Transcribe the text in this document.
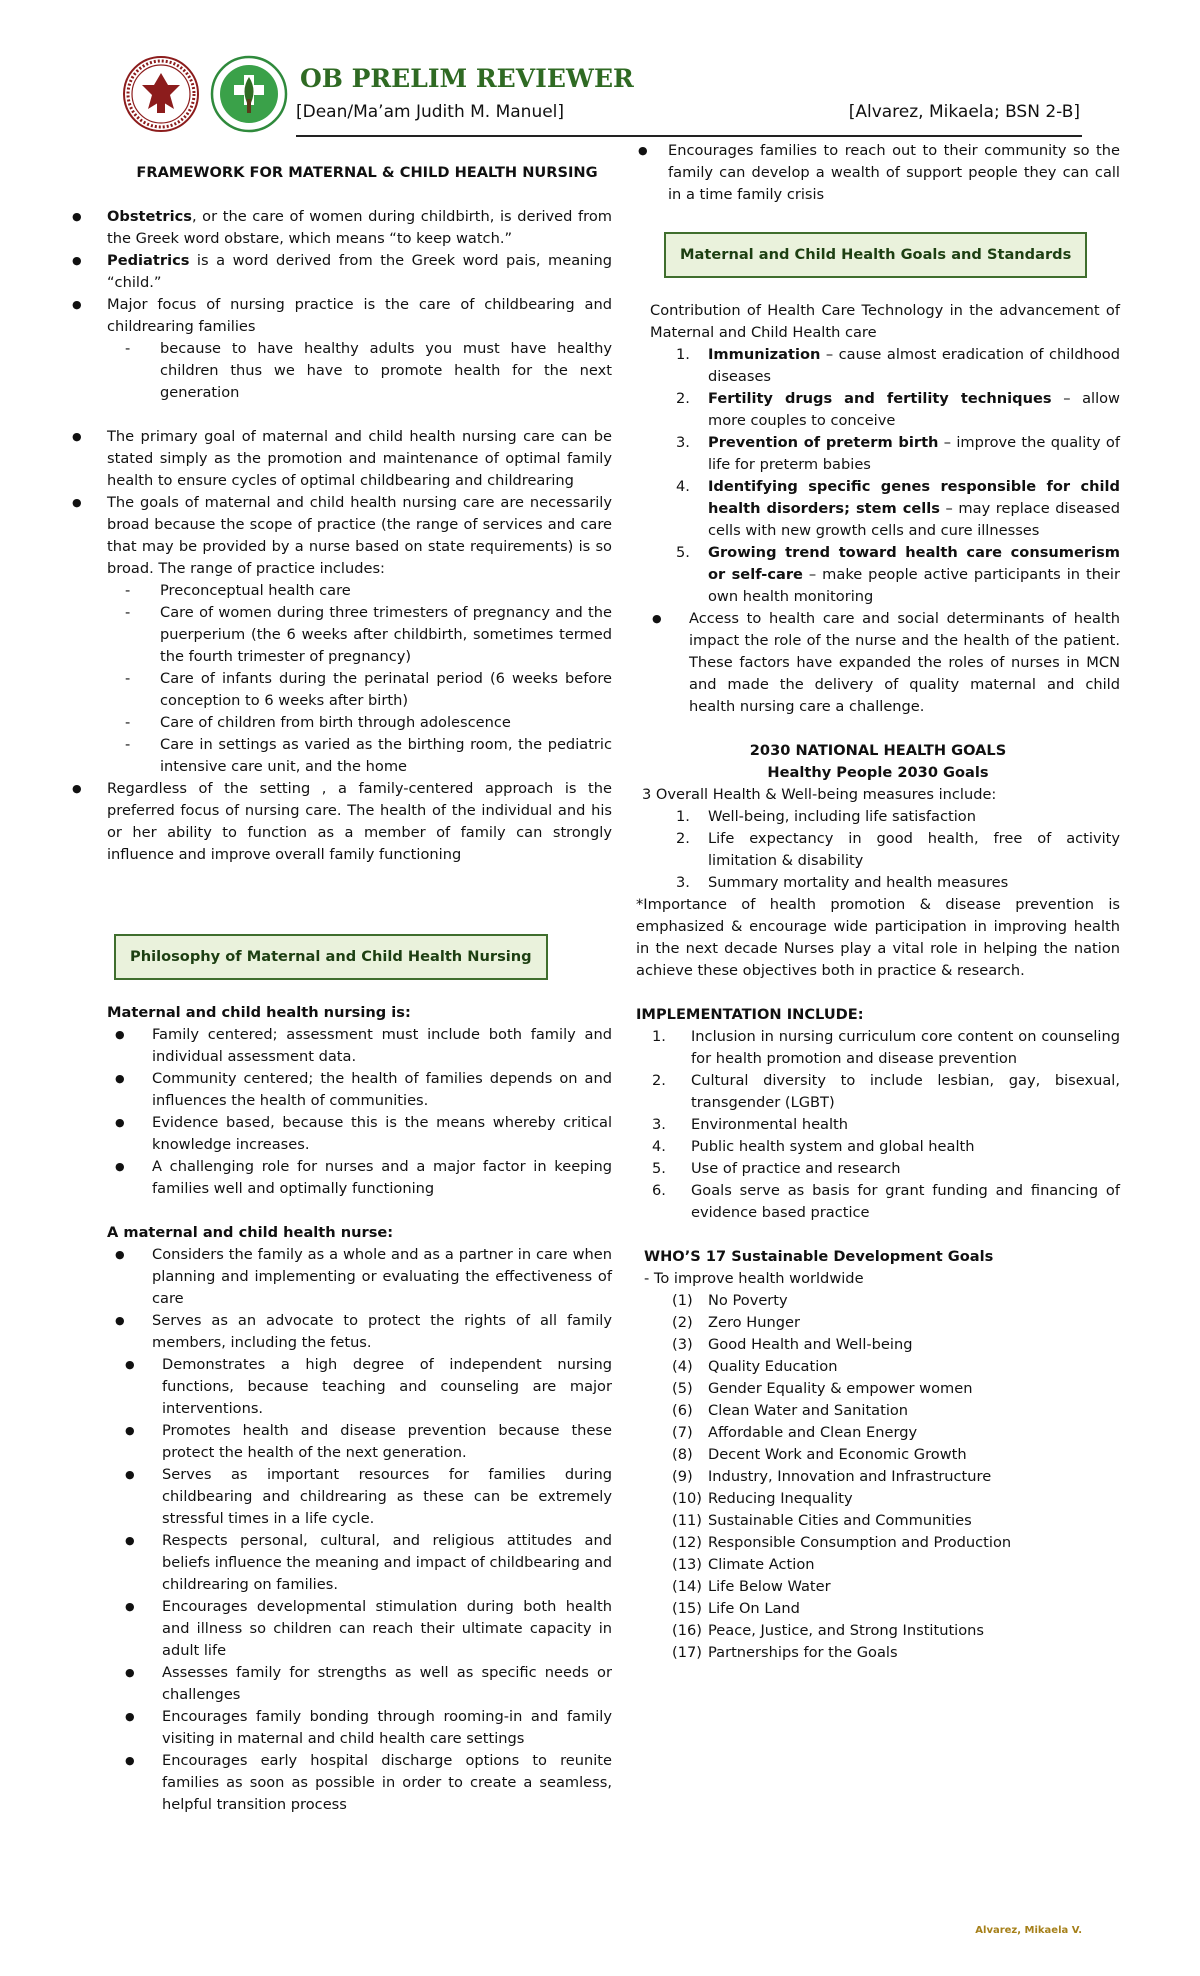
OB PRELIM REVIEWER
[Dean/Ma’am Judith M. Manuel]	[Alvarez, Mikaela; BSN 2-B]

FRAMEWORK FOR MATERNAL & CHILD HEALTH NURSING

● Obstetrics, or the care of women during childbirth, is derived from the Greek word obstare, which means “to keep watch.”
● Pediatrics is a word derived from the Greek word pais, meaning “child.”
● Major focus of nursing practice is the care of childbearing and childrearing families
- because to have healthy adults you must have healthy children thus we have to promote health for the next generation
● The primary goal of maternal and child health nursing care can be stated simply as the promotion and maintenance of optimal family health to ensure cycles of optimal childbearing and childrearing
● The goals of maternal and child health nursing care are necessarily broad because the scope of practice (the range of services and care that may be provided by a nurse based on state requirements) is so broad. The range of practice includes:
- Preconceptual health care
- Care of women during three trimesters of pregnancy and the puerperium (the 6 weeks after childbirth, sometimes termed the fourth trimester of pregnancy)
- Care of infants during the perinatal period (6 weeks before conception to 6 weeks after birth)
- Care of children from birth through adolescence
- Care in settings as varied as the birthing room, the pediatric intensive care unit, and the home
● Regardless of the setting , a family-centered approach is the preferred focus of nursing care. The health of the individual and his or her ability to function as a member of family can strongly influence and improve overall family functioning
Philosophy of Maternal and Child Health Nursing

Maternal and child health nursing is:

● Family centered; assessment must include both family and individual assessment data.
● Community centered; the health of families depends on and influences the health of communities.
● Evidence based, because this is the means whereby critical knowledge increases.
● A challenging role for nurses and a major factor in keeping families well and optimally functioning

A maternal and child health nurse:

● Considers the family as a whole and as a partner in care when planning and implementing or evaluating the effectiveness of care
● Serves as an advocate to protect the rights of all family members, including the fetus.
● Demonstrates a high degree of independent nursing functions, because teaching and counseling are major interventions.
● Promotes health and disease prevention because these protect the health of the next generation.
● Serves as important resources for families during childbearing and childrearing as these can be extremely stressful times in a life cycle.
● Respects personal, cultural, and religious attitudes and beliefs influence the meaning and impact of childbearing and childrearing on families.
● Encourages developmental stimulation during both health and illness so children can reach their ultimate capacity in adult life
● Assesses family for strengths as well as specific needs or challenges
● Encourages family bonding through rooming-in and family visiting in maternal and child health care settings
● Encourages early hospital discharge options to reunite families as soon as possible in order to create a seamless, helpful transition process
● Encourages families to reach out to their community so the family can develop a wealth of support people they can call in a time family crisis
Maternal and Child Health Goals and Standards

Contribution of Health Care Technology in the advancement of Maternal and Child Health care

1. Immunization – cause almost eradication of childhood diseases
2. Fertility drugs and fertility techniques – allow more couples to conceive
3. Prevention of preterm birth – improve the quality of life for preterm babies
4. Identifying specific genes responsible for child health disorders; stem cells – may replace diseased cells with new growth cells and cure illnesses
5. Growing trend toward health care consumerism or self-care – make people active participants in their own health monitoring
● Access to health care and social determinants of health impact the role of the nurse and the health of the patient. These factors have expanded the roles of nurses in MCN and made the delivery of quality maternal and child health nursing care a challenge.

2030 NATIONAL HEALTH GOALS

Healthy People 2030 Goals

3 Overall Health & Well-being measures include:

1. Well-being, including life satisfaction
2. Life expectancy in good health, free of activity limitation & disability
3. Summary mortality and health measures

*Importance of health promotion & disease prevention is emphasized & encourage wide participation in improving health in the next decade Nurses play a vital role in helping the nation achieve these objectives both in practice & research.

IMPLEMENTATION INCLUDE:

1. Inclusion in nursing curriculum core content on counseling for health promotion and disease prevention
2. Cultural diversity to include lesbian, gay, bisexual, transgender (LGBT)
3. Environmental health
4. Public health system and global health
5. Use of practice and research
6. Goals serve as basis for grant funding and financing of evidence based practice

WHO’S 17 Sustainable Development Goals

- To improve health worldwide

(1) No Poverty
(2) Zero Hunger
(3) Good Health and Well-being
(4) Quality Education
(5) Gender Equality & empower women
(6) Clean Water and Sanitation
(7) Affordable and Clean Energy
(8) Decent Work and Economic Growth
(9) Industry, Innovation and Infrastructure
(10) Reducing Inequality
(11) Sustainable Cities and Communities
(12) Responsible Consumption and Production
(13) Climate Action
(14) Life Below Water
(15) Life On Land
(16) Peace, Justice, and Strong Institutions
(17) Partnerships for the Goals
Alvarez, Mikaela V.
